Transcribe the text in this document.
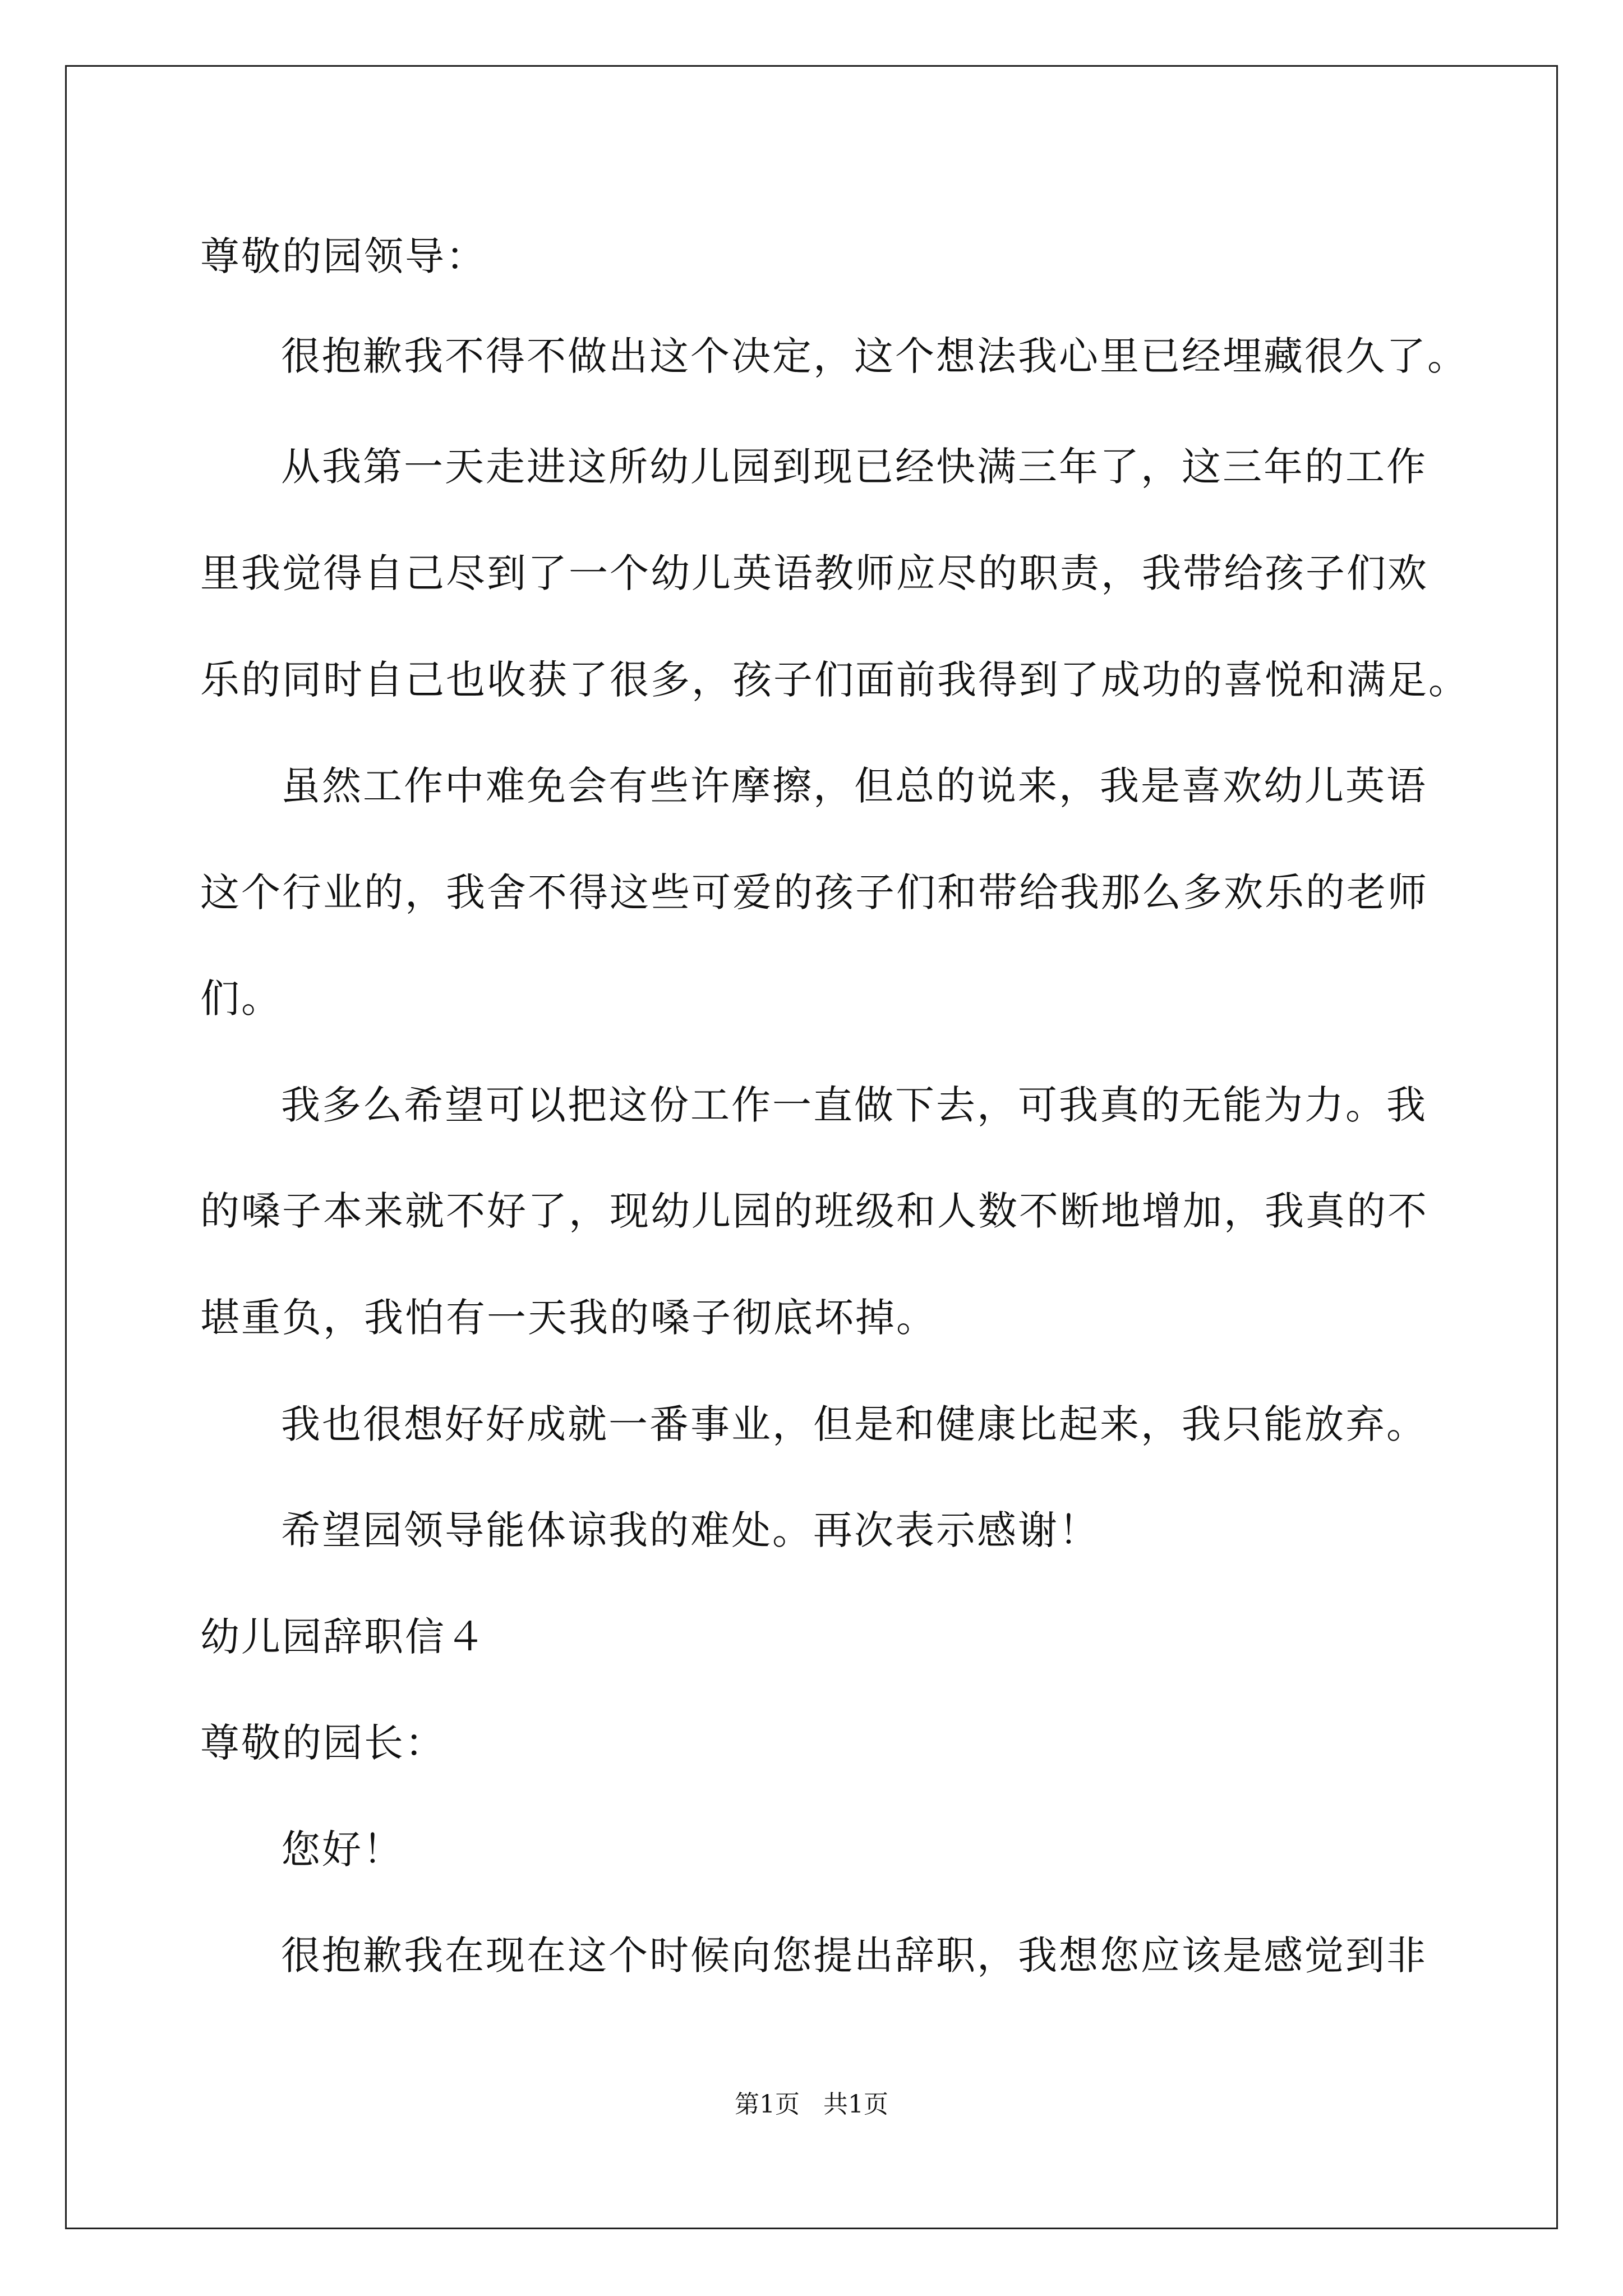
尊敬的园领导：
很抱歉我不得不做出这个决定，这个想法我心里已经埋藏很久了。
从我第一天走进这所幼儿园到现已经快满三年了，这三年的工作
里我觉得自己尽到了一个幼儿英语教师应尽的职责，我带给孩子们欢
乐的同时自己也收获了很多，孩子们面前我得到了成功的喜悦和满足。
虽然工作中难免会有些许摩擦，但总的说来，我是喜欢幼儿英语
这个行业的，我舍不得这些可爱的孩子们和带给我那么多欢乐的老师
们。
我多么希望可以把这份工作一直做下去，可我真的无能为力。我
的嗓子本来就不好了，现幼儿园的班级和人数不断地增加，我真的不
堪重负，我怕有一天我的嗓子彻底坏掉。
我也很想好好成就一番事业，但是和健康比起来，我只能放弃。
希望园领导能体谅我的难处。再次表示感谢！
幼儿园辞职信４
尊敬的园长：
您好！
很抱歉我在现在这个时候向您提出辞职，我想您应该是感觉到非
第1页   共1页
